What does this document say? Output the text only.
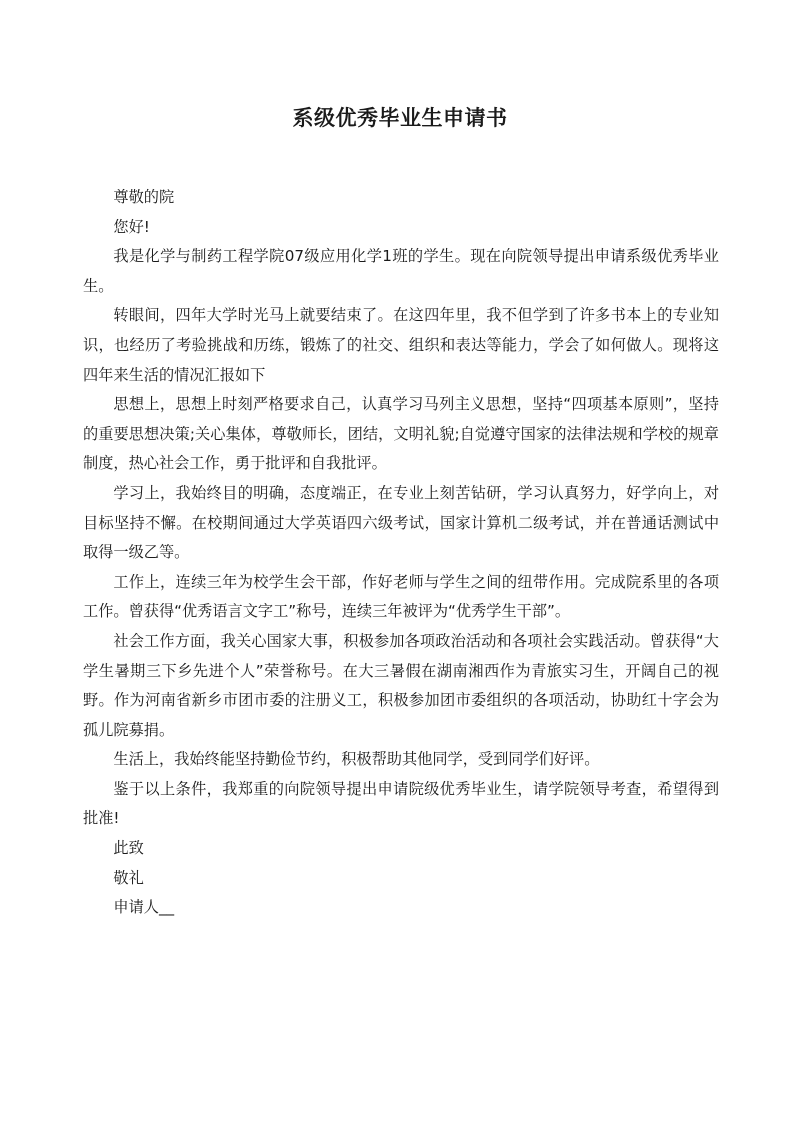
系级优秀毕业生申请书

尊敬的院

您好!

我是化学与制药工程学院07级应用化学1班的学生。现在向院领导提出申请系级优秀毕业生。

转眼间，四年大学时光马上就要结束了。在这四年里，我不但学到了许多书本上的专业知识，也经历了考验挑战和历练，锻炼了的社交、组织和表达等能力，学会了如何做人。现将这四年来生活的情况汇报如下

思想上，思想上时刻严格要求自己，认真学习马列主义思想，坚持“四项基本原则”，坚持的重要思想决策;关心集体，尊敬师长，团结，文明礼貌;自觉遵守国家的法律法规和学校的规章制度，热心社会工作，勇于批评和自我批评。

学习上，我始终目的明确，态度端正，在专业上刻苦钻研，学习认真努力，好学向上，对目标坚持不懈。在校期间通过大学英语四六级考试，国家计算机二级考试，并在普通话测试中取得一级乙等。

工作上，连续三年为校学生会干部，作好老师与学生之间的纽带作用。完成院系里的各项工作。曾获得“优秀语言文字工”称号，连续三年被评为“优秀学生干部”。

社会工作方面，我关心国家大事，积极参加各项政治活动和各项社会实践活动。曾获得“大学生暑期三下乡先进个人”荣誉称号。在大三暑假在湖南湘西作为青旅实习生，开阔自己的视野。作为河南省新乡市团市委的注册义工，积极参加团市委组织的各项活动，协助红十字会为孤儿院募捐。

生活上，我始终能坚持勤俭节约，积极帮助其他同学，受到同学们好评。

鉴于以上条件，我郑重的向院领导提出申请院级优秀毕业生，请学院领导考查，希望得到批准!

此致

敬礼

申请人__
